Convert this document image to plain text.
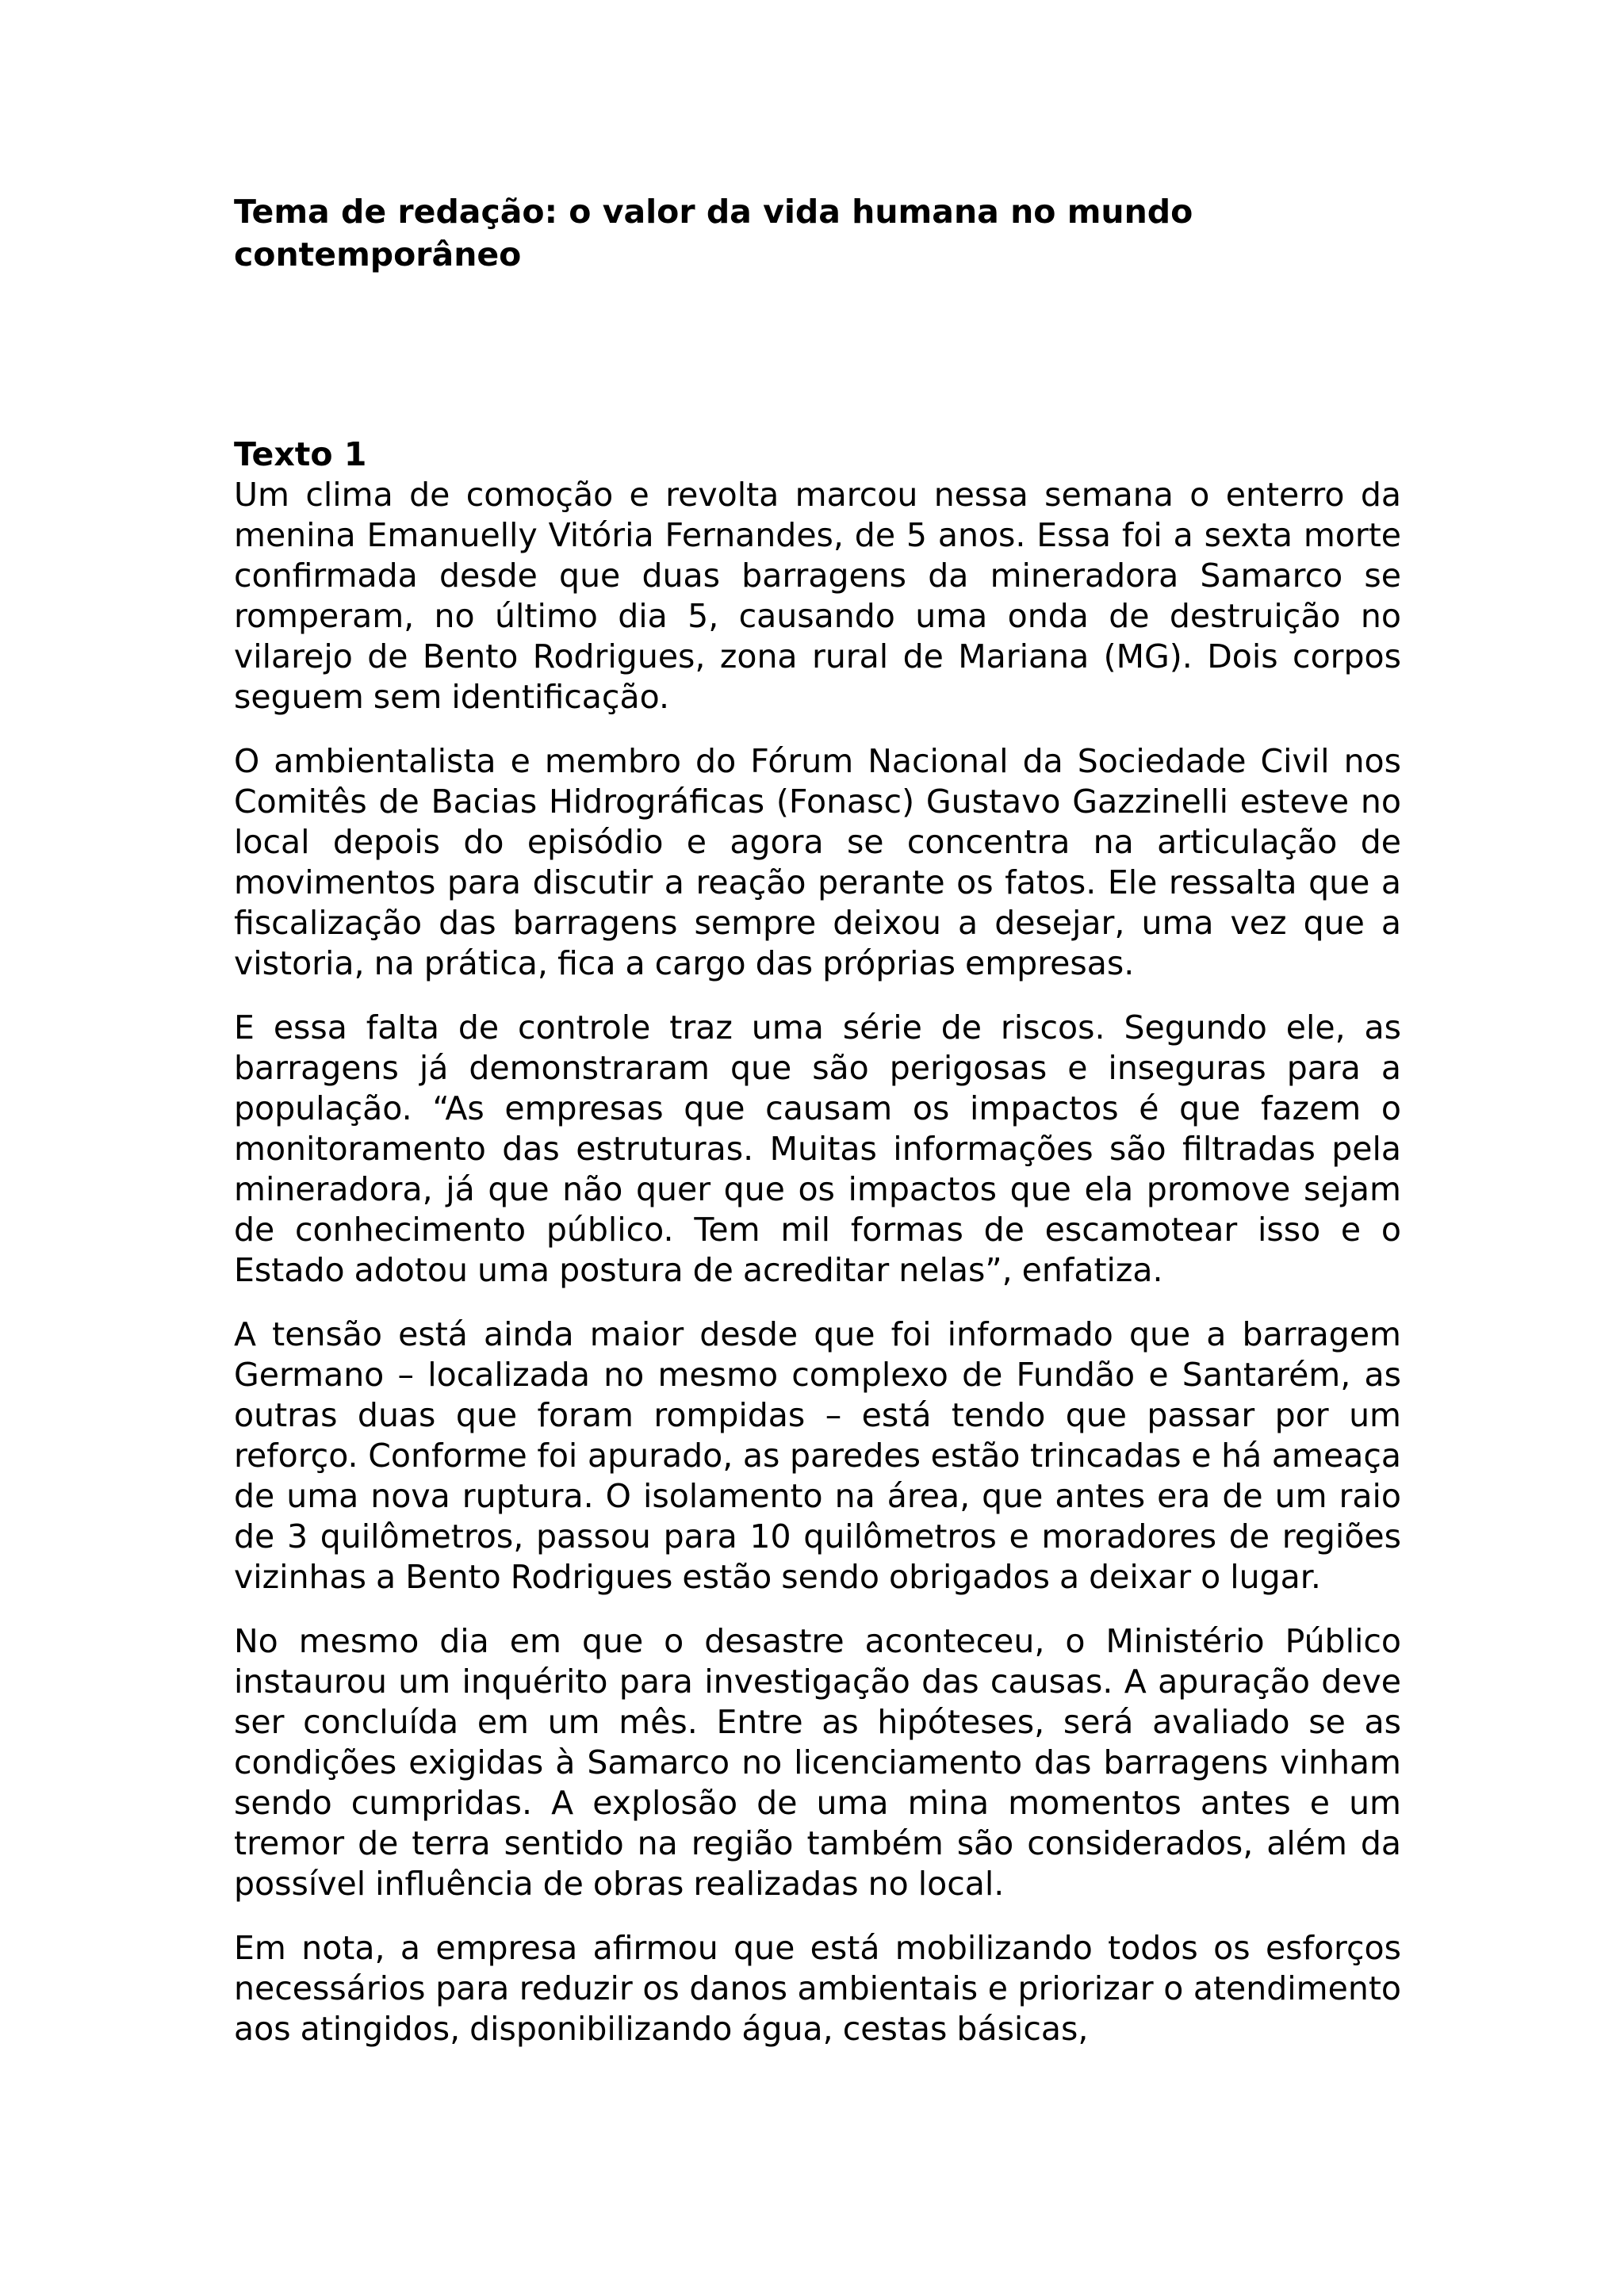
Tema de redação: o valor da vida humana no mundo contemporâneo
Texto 1

Um clima de comoção e revolta marcou nessa semana o enterro da menina Emanuelly Vitória Fernandes, de 5 anos. Essa foi a sexta morte confirmada desde que duas barragens da mineradora Samarco se romperam, no último dia 5, causando uma onda de destruição no vilarejo de Bento Rodrigues, zona rural de Mariana (MG). Dois corpos seguem sem identificação.

O ambientalista e membro do Fórum Nacional da Sociedade Civil nos Comitês de Bacias Hidrográficas (Fonasc) Gustavo Gazzinelli esteve no local depois do episódio e agora se concentra na articulação de movimentos para discutir a reação perante os fatos. Ele ressalta que a fiscalização das barragens sempre deixou a desejar, uma vez que a vistoria, na prática, fica a cargo das próprias empresas.

E essa falta de controle traz uma série de riscos. Segundo ele, as barragens já demonstraram que são perigosas e inseguras para a população. “As empresas que causam os impactos é que fazem o monitoramento das estruturas. Muitas informações são filtradas pela mineradora, já que não quer que os impactos que ela promove sejam de conhecimento público. Tem mil formas de escamotear isso e o Estado adotou uma postura de acreditar nelas”, enfatiza.

A tensão está ainda maior desde que foi informado que a barragem Germano – localizada no mesmo complexo de Fundão e Santarém, as outras duas que foram rompidas – está tendo que passar por um reforço. Conforme foi apurado, as paredes estão trincadas e há ameaça de uma nova ruptura. O isolamento na área, que antes era de um raio de 3 quilômetros, passou para 10 quilômetros e moradores de regiões vizinhas a Bento Rodrigues estão sendo obrigados a deixar o lugar.

No mesmo dia em que o desastre aconteceu, o Ministério Público instaurou um inquérito para investigação das causas. A apuração deve ser concluída em um mês. Entre as hipóteses, será avaliado se as condições exigidas à Samarco no licenciamento das barragens vinham sendo cumpridas. A explosão de uma mina momentos antes e um tremor de terra sentido na região também são considerados, além da possível influência de obras realizadas no local.

Em nota, a empresa afirmou que está mobilizando todos os esforços necessários para reduzir os danos ambientais e priorizar o atendimento aos atingidos, disponibilizando água, cestas básicas,
